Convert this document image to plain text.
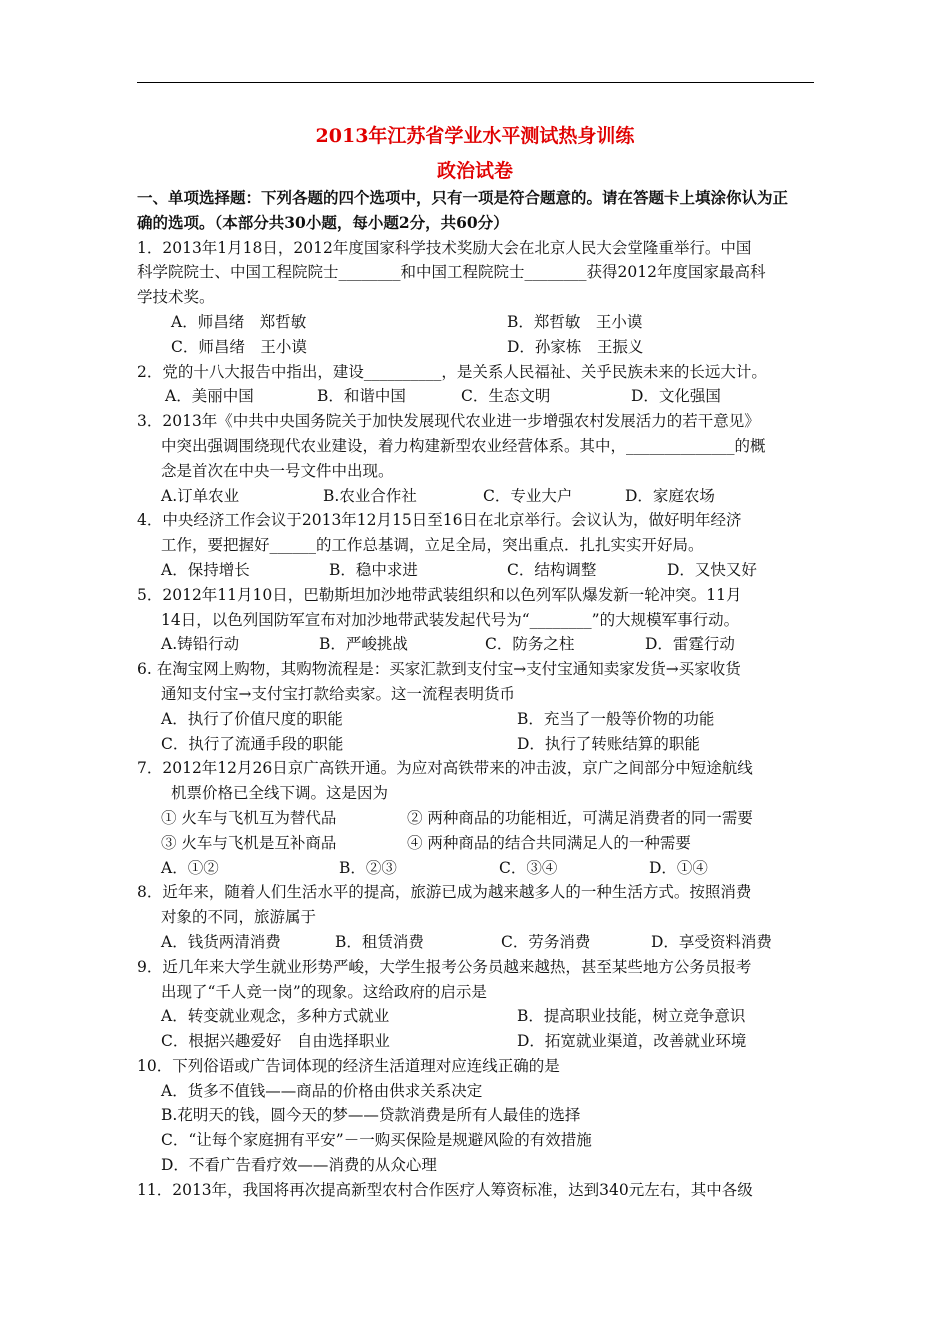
2013年江苏省学业水平测试热身训练
政治试卷
一、单项选择题：下列各题的四个选项中，只有一项是符合题意的。请在答题卡上填涂你认为正
确的选项。（本部分共30小题，每小题2分，共60分）
1．2013年1月18日，2012年度国家科学技术奖励大会在北京人民大会堂隆重举行。中国
科学院院士、中国工程院院士________和中国工程院院士________获得2012年度国家最高科
学技术奖。
A．师昌绪　郑哲敏	B．郑哲敏　王小谟
C．师昌绪　王小谟	D．孙家栋　王振义
2．党的十八大报告中指出，建设__________，是关系人民福祉、关乎民族未来的长远大计。
A．美丽中国	B．和谐中国	C．生态文明	D．文化强国
3．2013年《中共中央国务院关于加快发展现代农业进一步增强农村发展活力的若干意见》
中突出强调围绕现代农业建设，着力构建新型农业经营体系。其中，______________的概
念是首次在中央一号文件中出现。
A.订单农业	B.农业合作社	C．专业大户	D．家庭农场
4．中央经济工作会议于2013年12月15日至16日在北京举行。会议认为，做好明年经济
工作，要把握好______的工作总基调，立足全局，突出重点．扎扎实实开好局。
A．保持增长	B．稳中求进	C．结构调整	D．又快又好
5．2012年11月10日，巴勒斯坦加沙地带武装组织和以色列军队爆发新一轮冲突。11月
14日，以色列国防军宣布对加沙地带武装发起代号为“________”的大规模军事行动。
A.铸铅行动	B．严峻挑战	C．防务之柱	D．雷霆行动
6. 在淘宝网上购物，其购物流程是：买家汇款到支付宝→支付宝通知卖家发货→买家收货
通知支付宝→支付宝打款给卖家。这一流程表明货币
A．执行了价值尺度的职能	B．充当了一般等价物的功能
C．执行了流通手段的职能	D．执行了转账结算的职能
7．2012年12月26日京广高铁开通。为应对高铁带来的冲击波，京广之间部分中短途航线
机票价格已全线下调。这是因为
① 火车与飞机互为替代品	② 两种商品的功能相近，可满足消费者的同一需要
③ 火车与飞机是互补商品	④ 两种商品的结合共同满足人的一种需要
A．①②	B．②③	C．③④	D．①④
8．近年来，随着人们生活水平的提高，旅游已成为越来越多人的一种生活方式。按照消费
对象的不同，旅游属于
A．钱货两清消费	B．租赁消费	C．劳务消费	D．享受资料消费
9．近几年来大学生就业形势严峻，大学生报考公务员越来越热，甚至某些地方公务员报考
出现了“千人竞一岗”的现象。这给政府的启示是
A．转变就业观念，多种方式就业	B．提高职业技能，树立竞争意识
C．根据兴趣爱好　自由选择职业	D．拓宽就业渠道，改善就业环境
10．下列俗语或广告词体现的经济生活道理对应连线正确的是
A．货多不值钱——商品的价格由供求关系决定
B.花明天的钱，圆今天的梦——贷款消费是所有人最佳的选择
C．“让每个家庭拥有平安”－一购买保险是规避风险的有效措施
D．不看广告看疗效——消费的从众心理
11．2013年，我国将再次提高新型农村合作医疗人筹资标准，达到340元左右，其中各级
